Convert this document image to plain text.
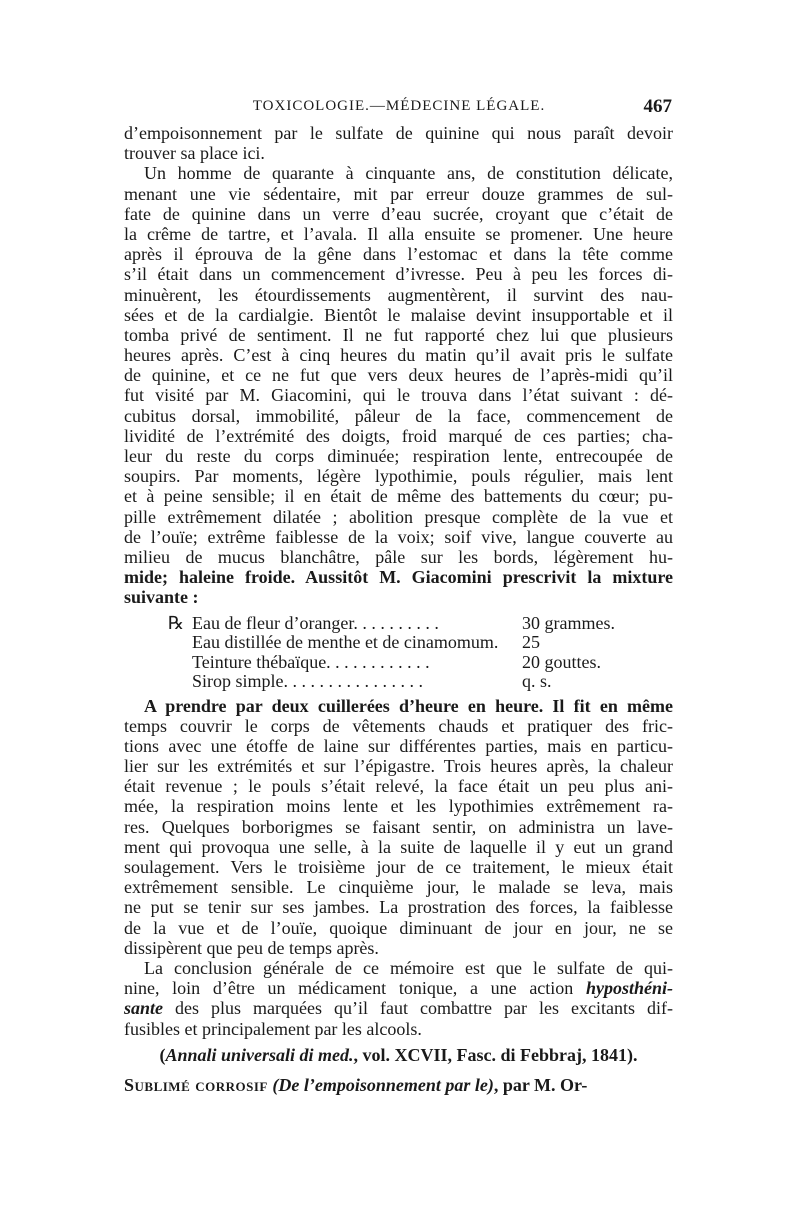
TOXICOLOGIE.—MÉDECINE LÉGALE.	467
d’empoisonnement par le sulfate de quinine qui nous paraît devoir
trouver sa place ici.
Un homme de quarante à cinquante ans, de constitution délicate,
menant une vie sédentaire, mit par erreur douze grammes de sul-
fate de quinine dans un verre d’eau sucrée, croyant que c’était de
la crême de tartre, et l’avala. Il alla ensuite se promener. Une heure
après il éprouva de la gêne dans l’estomac et dans la tête comme
s’il était dans un commencement d’ivresse. Peu à peu les forces di-
minuèrent, les étourdissements augmentèrent, il survint des nau-
sées et de la cardialgie. Bientôt le malaise devint insupportable et il
tomba privé de sentiment. Il ne fut rapporté chez lui que plusieurs
heures après. C’est à cinq heures du matin qu’il avait pris le sulfate
de quinine, et ce ne fut que vers deux heures de l’après-midi qu’il
fut visité par M. Giacomini, qui le trouva dans l’état suivant : dé-
cubitus dorsal, immobilité, pâleur de la face, commencement de
lividité de l’extrémité des doigts, froid marqué de ces parties; cha-
leur du reste du corps diminuée; respiration lente, entrecoupée de
soupirs. Par moments, légère lypothimie, pouls régulier, mais lent
et à peine sensible; il en était de même des battements du cœur; pu-
pille extrêmement dilatée ; abolition presque complète de la vue et
de l’ouïe; extrême faiblesse de la voix; soif vive, langue couverte au
milieu de mucus blanchâtre, pâle sur les bords, légèrement hu-
mide; haleine froide. Aussitôt M. Giacomini prescrivit la mixture
suivante :
℞ Eau de fleur d’oranger. . . . . . . . . .	30 grammes.
Eau distillée de menthe et de cinamomum.	25
Teinture thébaïque. . . . . . . . . . . .	20 gouttes.
Sirop simple. . . . . . . . . . . . . . . .	q. s.
A prendre par deux cuillerées d’heure en heure. Il fit en même
temps couvrir le corps de vêtements chauds et pratiquer des fric-
tions avec une étoffe de laine sur différentes parties, mais en particu-
lier sur les extrémités et sur l’épigastre. Trois heures après, la chaleur
était revenue ; le pouls s’était relevé, la face était un peu plus ani-
mée, la respiration moins lente et les lypothimies extrêmement ra-
res. Quelques borborigmes se faisant sentir, on administra un lave-
ment qui provoqua une selle, à la suite de laquelle il y eut un grand
soulagement. Vers le troisième jour de ce traitement, le mieux était
extrêmement sensible. Le cinquième jour, le malade se leva, mais
ne put se tenir sur ses jambes. La prostration des forces, la faiblesse
de la vue et de l’ouïe, quoique diminuant de jour en jour, ne se
dissipèrent que peu de temps après.
La conclusion générale de ce mémoire est que le sulfate de qui-
nine, loin d’être un médicament tonique, a une action hyposthéni-
sante des plus marquées qu’il faut combattre par les excitants dif-
fusibles et principalement par les alcools.
(Annali universali di med., vol. XCVII, Fasc. di Febbraj, 1841).
Sublimé corrosif (De l’empoisonnement par le), par M. Or-
